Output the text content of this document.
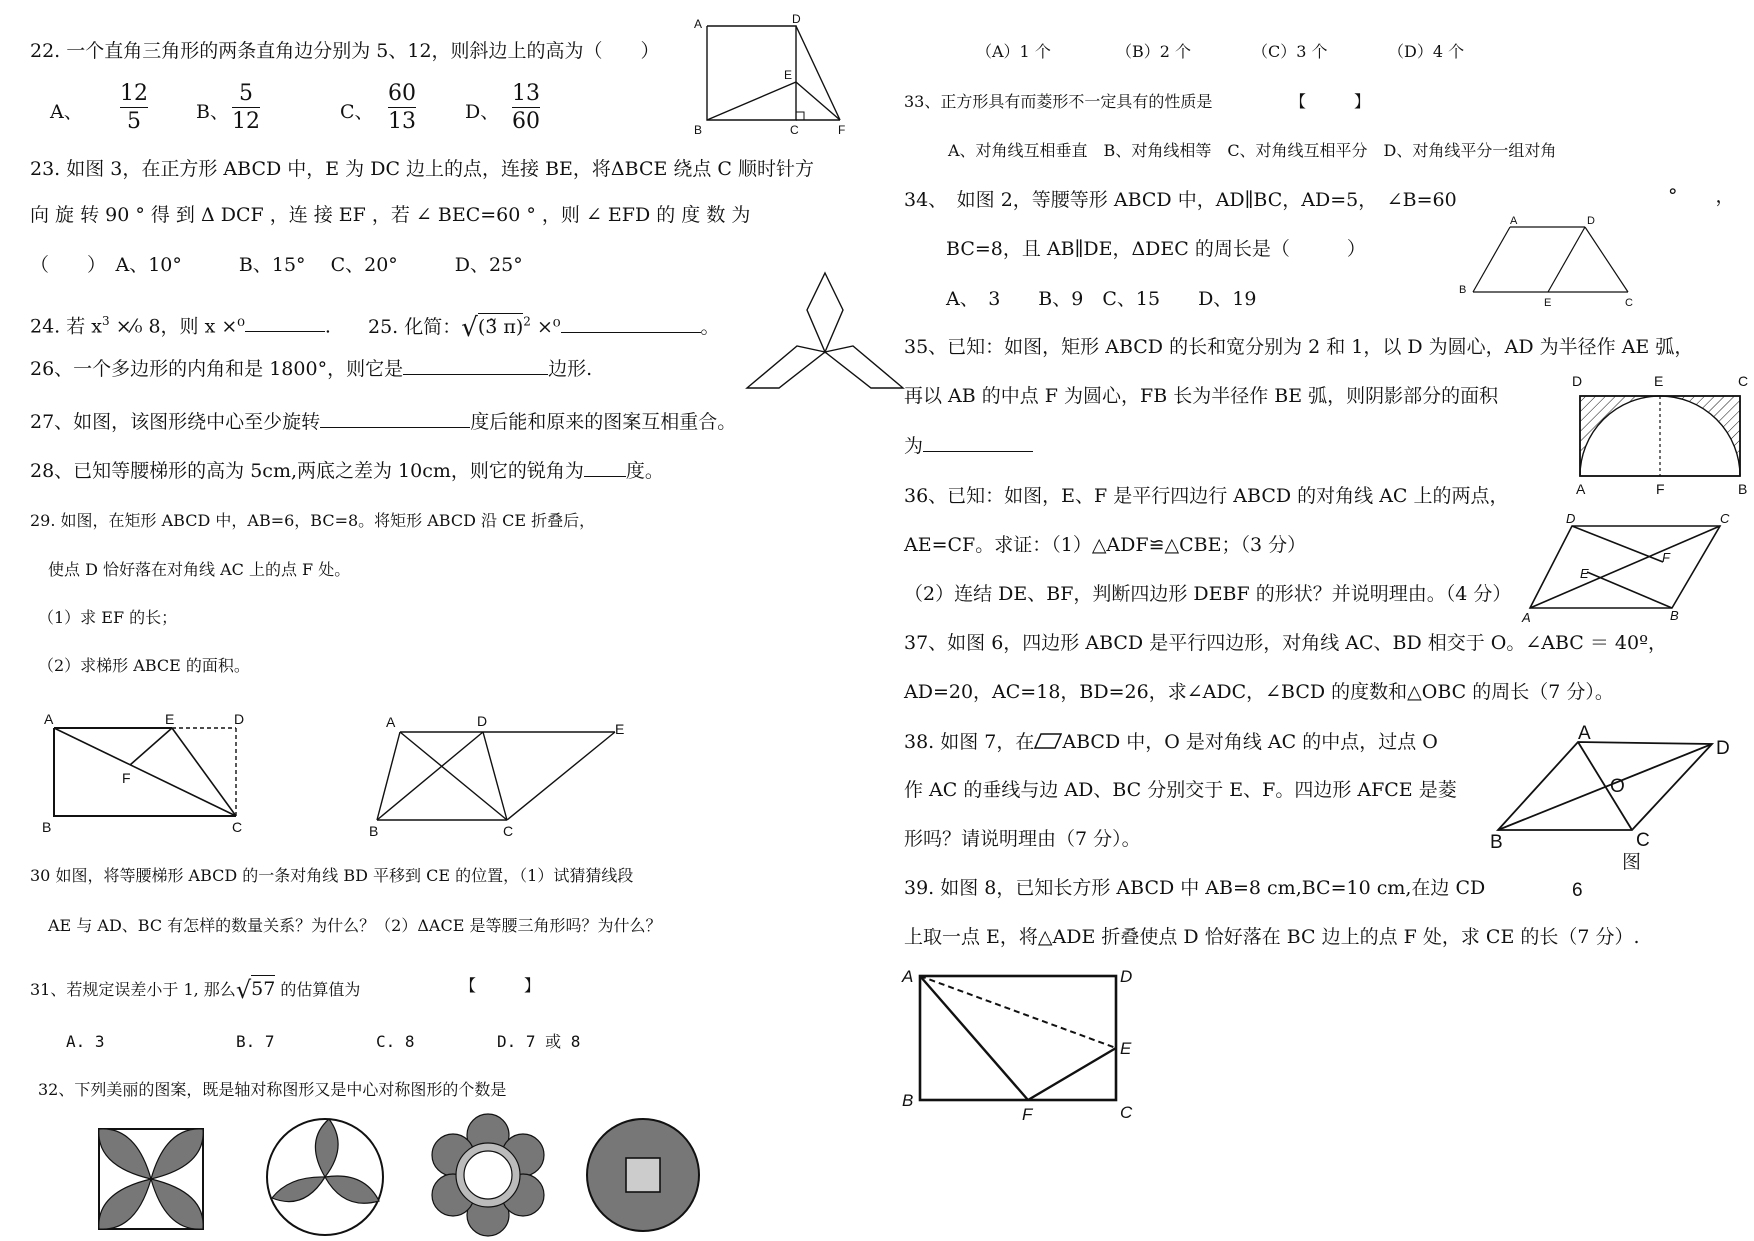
22. 一个直角三角形的两条直角边分别为 5、12，则斜边上的高为（　　）
A、
12
5	B、
5
12	C、
60
13	D、
13
60
A	D
E
B	C	F
23. 如图 3，在正方形 ABCD 中，E 为 DC 边上的点，连接 BE，将ΔBCE 绕点 C 顺时针方
向 旋 转 90 ° 得 到 Δ DCF ，连 接 EF ，若 ∠ BEC=60 ° ，则 ∠ EFD 的 度 数 为
（　　）　A、10°　　　B、15°　 C、20°　　　D、25°
24. 若 $x^3$ ×⁄₀ 8，则 x ×⁰	. 25. 化简：√(3̃ π)$^2$ ×⁰	。
26、一个多边形的内角和是 1800°，则它是	边形.
27、如图，该图形绕中心至少旋转	度后能和原来的图案互相重合。
28、已知等腰梯形的高为 5cm,两底之差为 10cm，则它的锐角为 度。
29. 如图，在矩形 ABCD 中，AB=6，BC=8。将矩形 ABCD 沿 CE 折叠后，
使点 D 恰好落在对角线 AC 上的点 F 处。
（1）求 EF 的长；
（2）求梯形 ABCE 的面积。
A	E	D
F
B	C
A	D	E
B	C
30 如图，将等腰梯形 ABCD 的一条对角线 BD 平移到 CE 的位置，（1）试猜猜线段
AE 与 AD、BC 有怎样的数量关系？为什么？（2）ΔACE 是等腰三角形吗？为什么？
31、若规定误差小于 1, 那么√57 的估算值为	【　　　】
A. 3	B. 7	C. 8	D. 7 或 8
32、下列美丽的图案，既是轴对称图形又是中心对称图形的个数是
（A）1 个	（B）2 个	（C）3 个	（D）4 个
33、正方形具有而菱形不一定具有的性质是	【　　　】
A、对角线互相垂直　B、对角线相等　C、对角线互相平分　D、对角线平分一组对角
34、　如图 2，等腰等形 ABCD 中，AD∥BC，AD=5，　∠B=60	°　　，
BC=8，且 AB∥DE，ΔDEC 的周长是（　　　）
A、　3　　B、9　C、15　　D、19
A	D
B
E	C
35、已知：如图，矩形 ABCD 的长和宽分别为 2 和 1，以 D 为圆心，AD 为半径作 AE 弧，
再以 AB 的中点 F 为圆心，FB 长为半径作 BE 弧，则阴影部分的面积
为
D	E	C
A	F	B
36、已知：如图，E、F 是平行四边行 ABCD 的对角线 AC 上的两点，
AE=CF。求证：（1）△ADF≌△CBE；（3 分）
（2）连结 DE、BF，判断四边形 DEBF 的形状？并说明理由。（4 分）
D	C
F
E
A	B
37、如图 6，四边形 ABCD 是平行四边形，对角线 AC、BD 相交于 O。∠ABC ＝ 40º，
AD=20，AC=18，BD=26，求∠ADC，∠BCD 的度数和△OBC 的周长（7 分）。
38. 如图 7，在 ABCD 中，O 是对角线 AC 的中点，过点 O
作 AC 的垂线与边 AD、BC 分别交于 E、F。四边形 AFCE 是菱
形吗？请说明理由（7 分）。
A
D
O
B	C
图
6
39. 如图 8，已知长方形 ABCD 中 AB=8 cm,BC=10 cm,在边 CD
上取一点 E，将△ADE 折叠使点 D 恰好落在 BC 边上的点 F 处，求 CE 的长（7 分）.
A	D
E
B
F	C
